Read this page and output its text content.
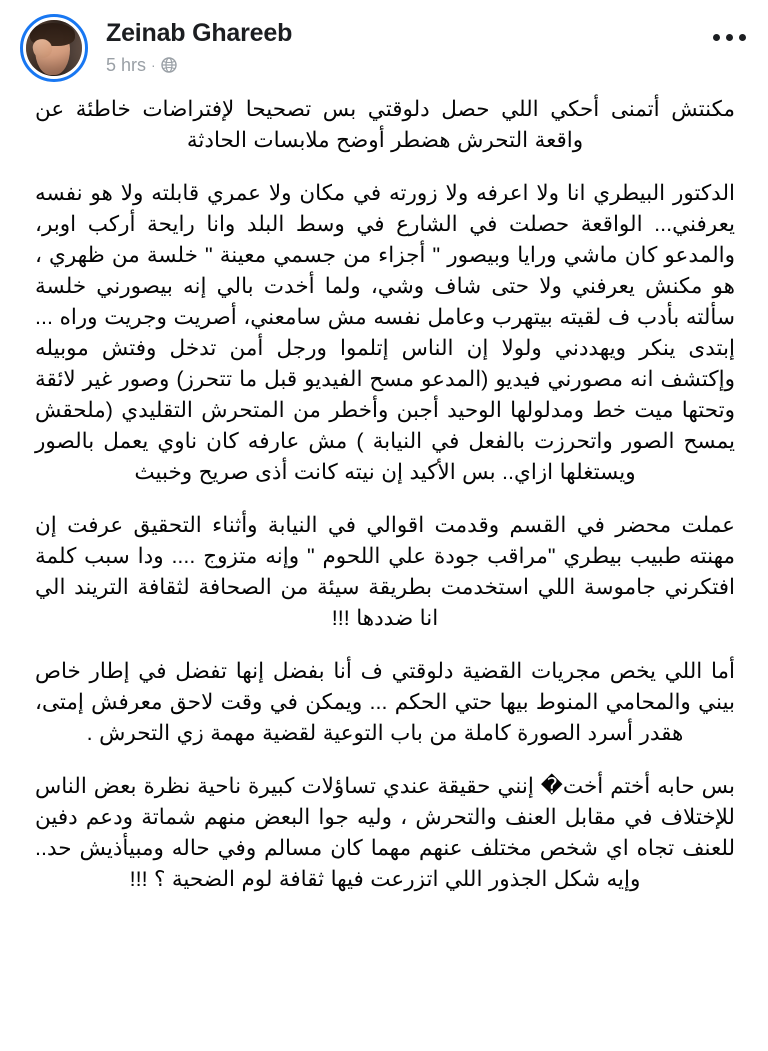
Zeinab Ghareeb
5 hrs ·

مكنتش أتمنى أحكي اللي حصل دلوقتي بس تصحيحا لإفتراضات خاطئة عن واقعة التحرش هضطر أوضح ملابسات الحادثة

الدكتور البيطري انا ولا اعرفه ولا زورته في مكان ولا عمري قابلته ولا هو نفسه يعرفني... الواقعة حصلت في الشارع في وسط البلد وانا رايحة أركب اوبر، والمدعو كان ماشي ورايا وبيصور " أجزاء من جسمي معينة " خلسة من ظهري ، هو مكنش يعرفني ولا حتى شاف وشي، ولما أخدت بالي إنه بيصورني خلسة سألته بأدب ف لقيته بيتهرب وعامل نفسه مش سامعني، أصريت وجريت وراه ... إبتدى ينكر ويهددني ولولا إن الناس إتلموا ورجل أمن تدخل وفتش موبيله وإكتشف انه مصورني فيديو (المدعو مسح الفيديو قبل ما تتحرز) وصور غير لائقة وتحتها ميت خط ومدلولها الوحيد أجبن وأخطر من المتحرش التقليدي (ملحقش يمسح الصور واتحرزت بالفعل في النيابة ) مش عارفه كان ناوي يعمل بالصور ويستغلها ازاي.. بس الأكيد إن نيته كانت أذى صريح وخبيث

عملت محضر في القسم وقدمت اقوالي في النيابة وأثناء التحقيق عرفت إن مهنته طبيب بيطري "مراقب جودة علي اللحوم " وإنه متزوج .... ودا سبب كلمة افتكرني جاموسة اللي استخدمت بطريقة سيئة من الصحافة لثقافة التريند الي انا ضددها !!!

أما اللي يخص مجريات القضية دلوقتي ف أنا بفضل إنها تفضل في إطار خاص بيني والمحامي المنوط بيها حتي الحكم ... ويمكن في وقت لاحق معرفش إمتى، هقدر أسرد الصورة كاملة من باب التوعية لقضية مهمة زي التحرش .

بس حابه أختم أخت� إنني حقيقة عندي تساؤلات كبيرة ناحية نظرة بعض الناس للإختلاف في مقابل العنف والتحرش ، وليه جوا البعض منهم شماتة ودعم دفين للعنف تجاه اي شخص مختلف عنهم مهما كان مسالم وفي حاله ومبيأذيش حد.. وإيه شكل الجذور اللي اتزرعت فيها ثقافة لوم الضحية ؟ !!!
